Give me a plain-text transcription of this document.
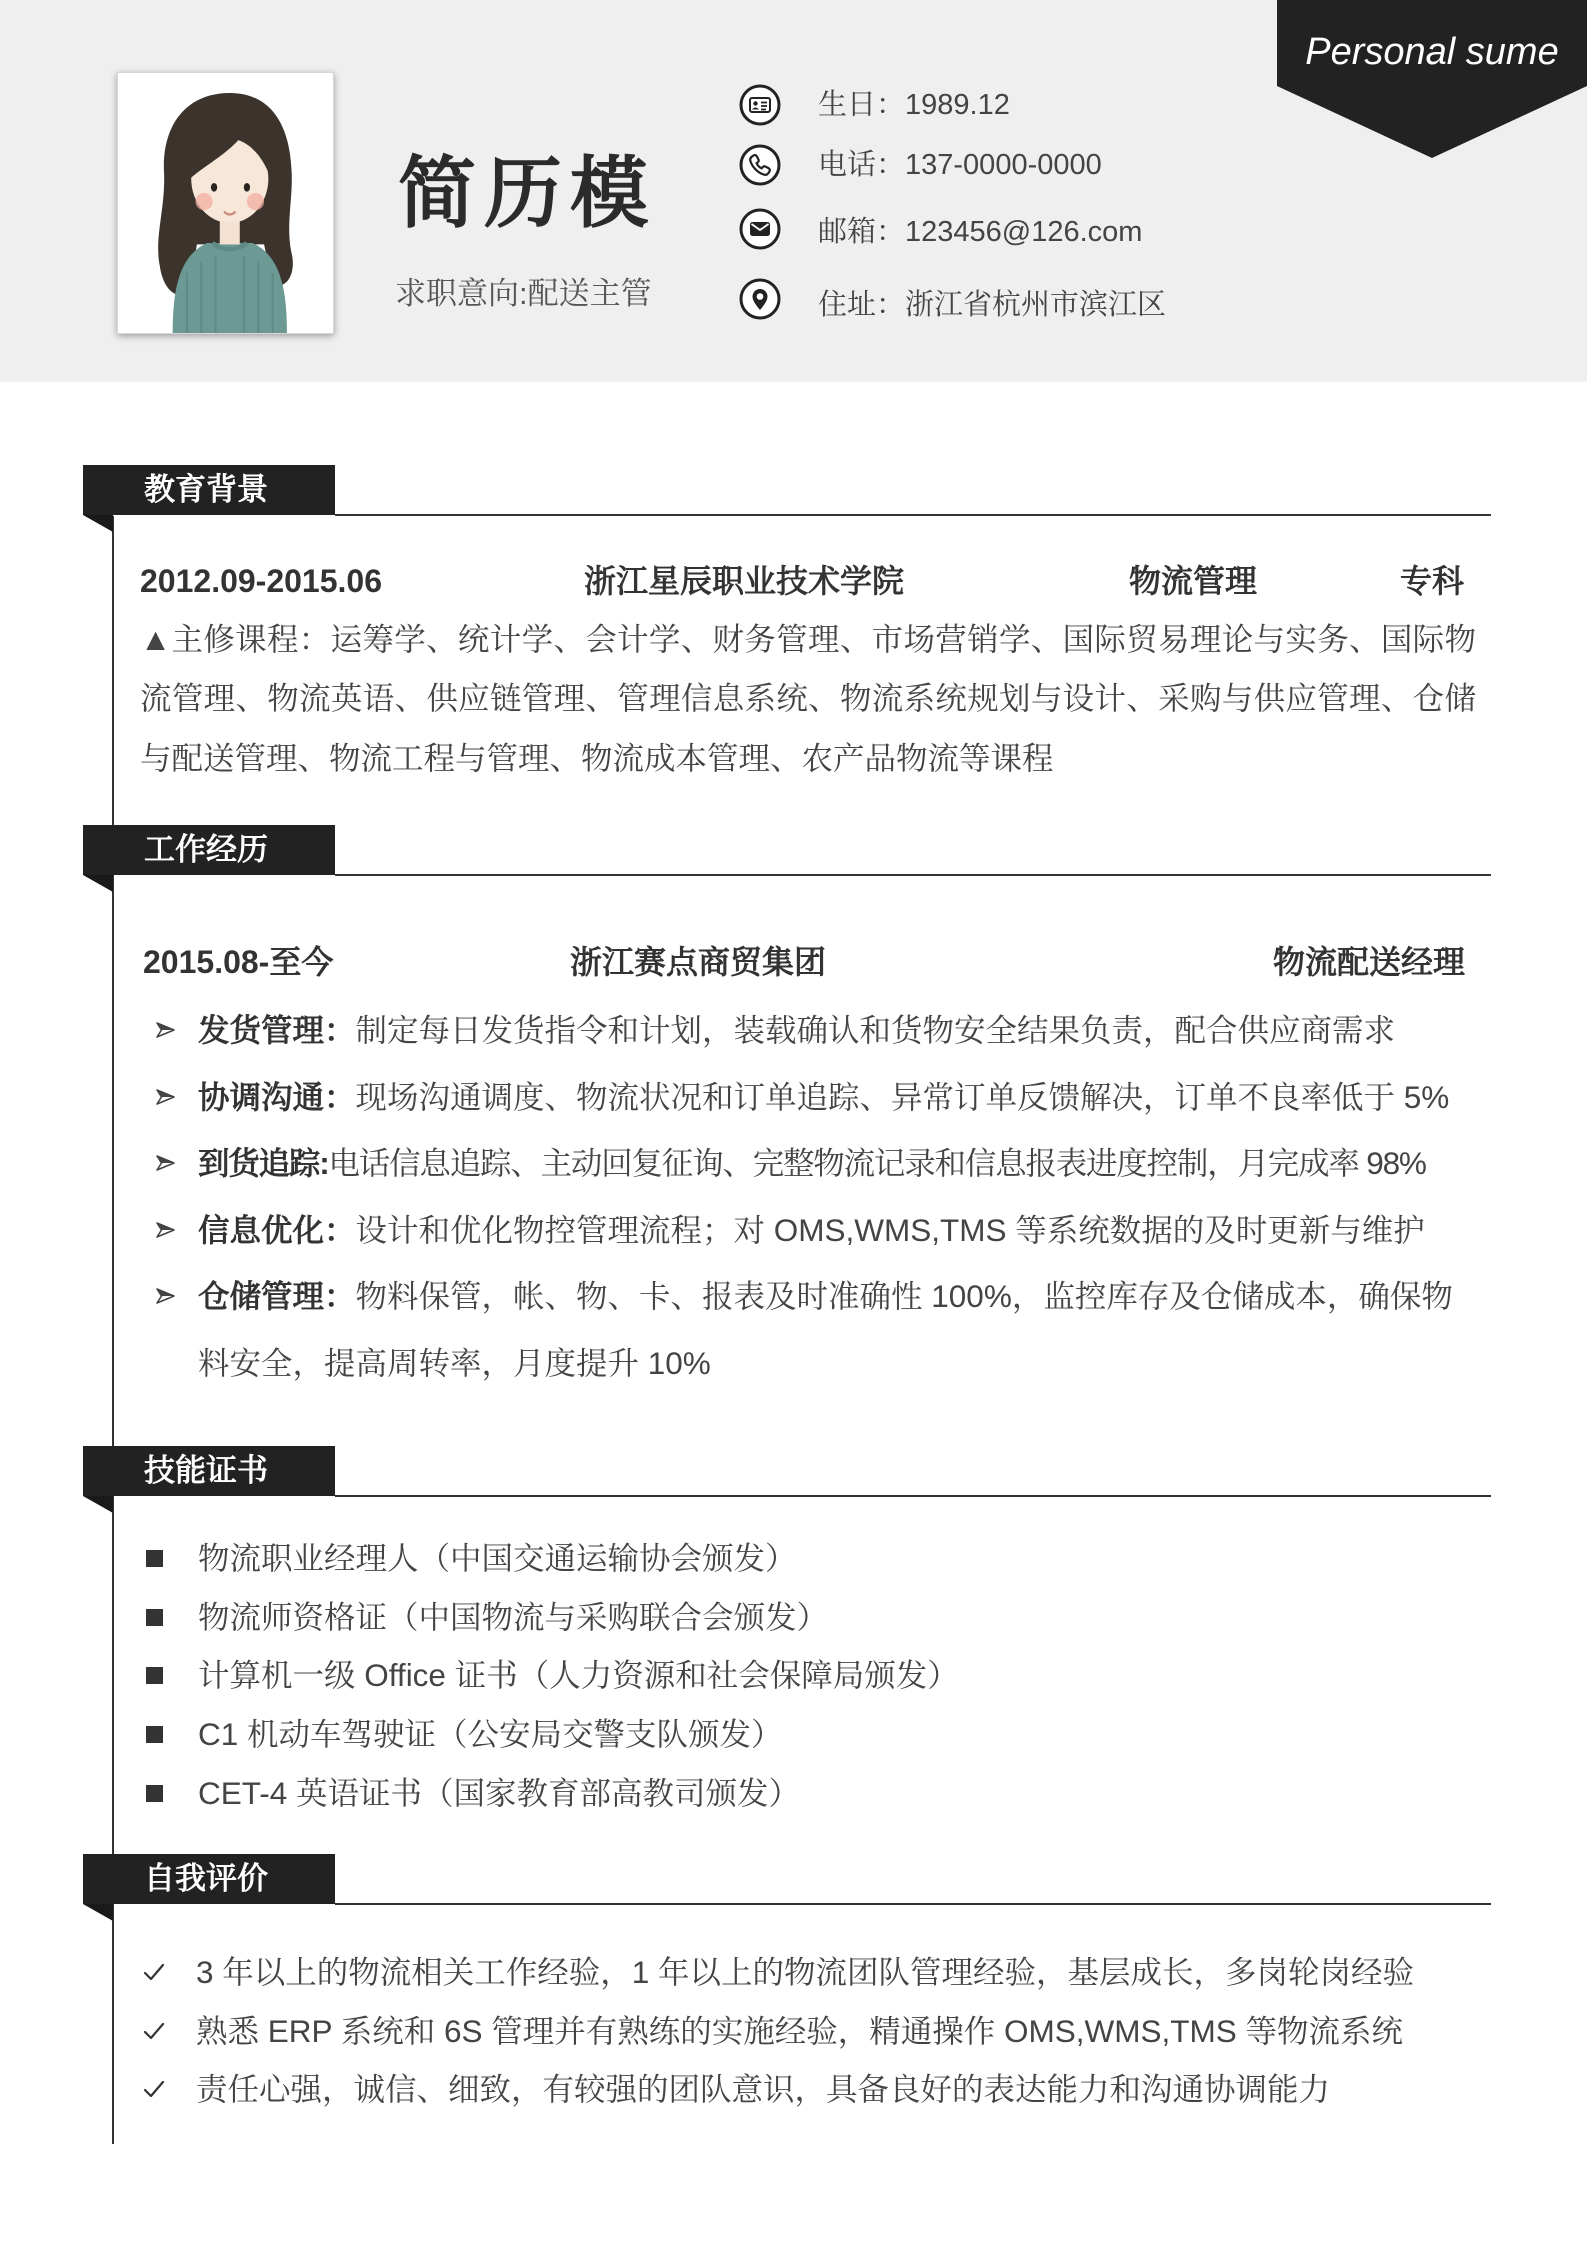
Personal sume
简历模
求职意向:配送主管
生日：1989.12
电话：137-0000-0000
邮箱：123456@126.com
住址：浙江省杭州市滨江区
教育背景
2012.09-2015.06	浙江星辰职业技术学院	物流管理	专科

▲主修课程：运筹学、统计学、会计学、财务管理、市场营销学、国际贸易理论与实务、国际物流管理、物流英语、供应链管理、管理信息系统、物流系统规划与设计、采购与供应管理、仓储与配送管理、物流工程与管理、物流成本管理、农产品物流等课程

工作经历
2015.08-至今	浙江赛点商贸集团	物流配送经理
发货管理：制定每日发货指令和计划，装载确认和货物安全结果负责，配合供应商需求
协调沟通：现场沟通调度、物流状况和订单追踪、异常订单反馈解决，订单不良率低于 5%
到货追踪:电话信息追踪、主动回复征询、完整物流记录和信息报表进度控制，月完成率 98%
信息优化：设计和优化物控管理流程；对 OMS,WMS,TMS 等系统数据的及时更新与维护
仓储管理：物料保管，帐、物、卡、报表及时准确性 100%，监控库存及仓储成本，确保物料安全，提高周转率，月度提升 10%
技能证书
物流职业经理人（中国交通运输协会颁发）
物流师资格证（中国物流与采购联合会颁发）
计算机一级 Office 证书（人力资源和社会保障局颁发）
C1 机动车驾驶证（公安局交警支队颁发）
CET-4 英语证书（国家教育部高教司颁发）
自我评价
3 年以上的物流相关工作经验，1 年以上的物流团队管理经验，基层成长，多岗轮岗经验
熟悉 ERP 系统和 6S 管理并有熟练的实施经验，精通操作 OMS,WMS,TMS 等物流系统
责任心强，诚信、细致，有较强的团队意识，具备良好的表达能力和沟通协调能力
